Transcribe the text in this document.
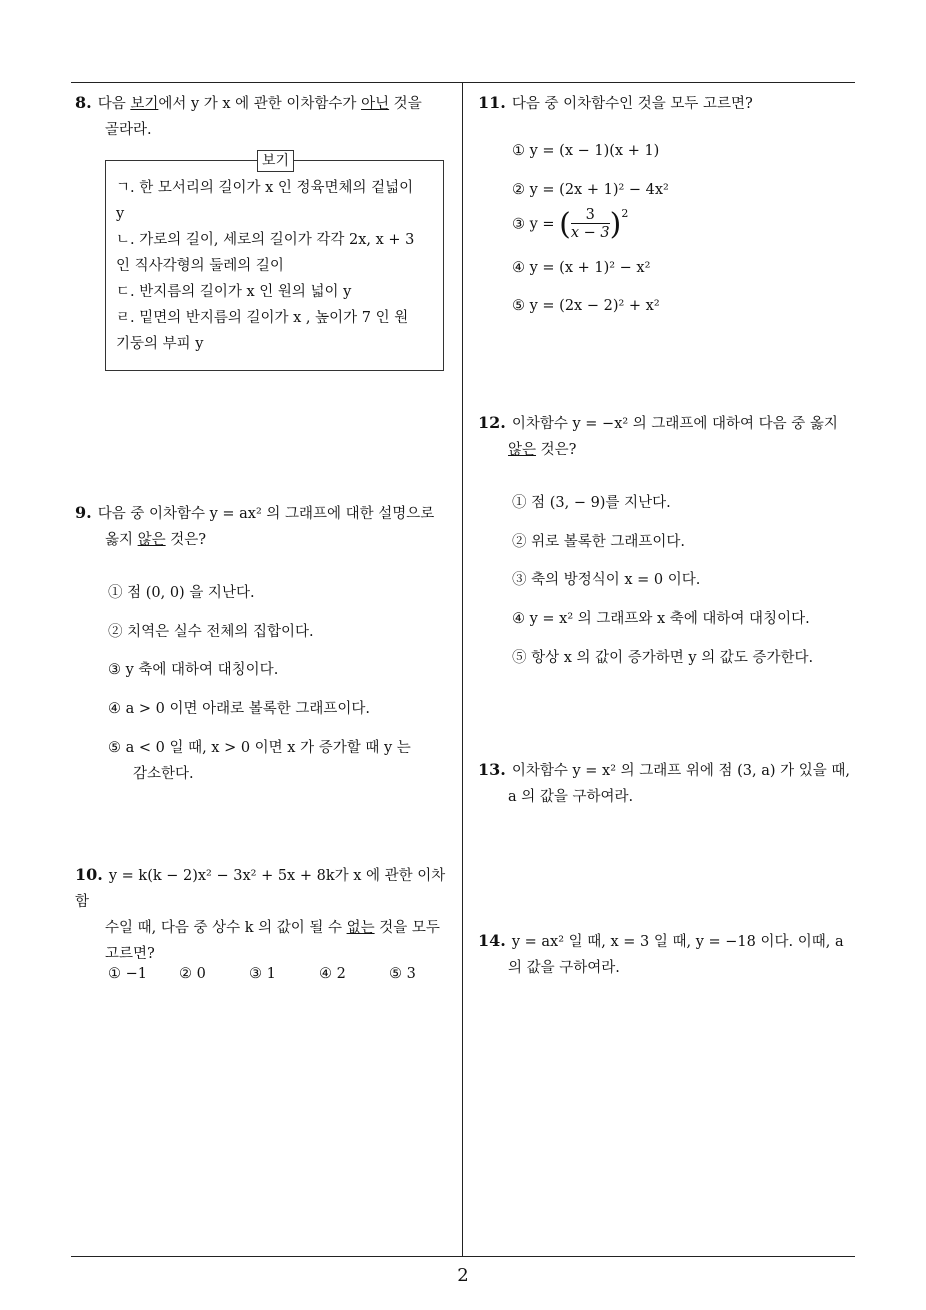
8. 다음 보기에서 y 가 x 에 관한 이차함수가 아닌 것을
골라라.
보기
ㄱ. 한 모서리의 길이가 x 인 정육면체의 겉넓이
y
ㄴ. 가로의 길이, 세로의 길이가 각각 2x, x + 3
인 직사각형의 둘레의 길이
ㄷ. 반지름의 길이가 x 인 원의 넓이 y
ㄹ. 밑면의 반지름의 길이가 x , 높이가 7 인 원
기둥의 부피 y
9. 다음 중 이차함수 y = ax² 의 그래프에 대한 설명으로
옳지 않은 것은?
① 점 (0, 0) 을 지난다.
② 치역은 실수 전체의 집합이다.
③ y 축에 대하여 대칭이다.
④ a > 0 이면 아래로 볼록한 그래프이다.
⑤ a < 0 일 때, x > 0 이면 x 가 증가할 때 y 는
감소한다.
10. y = k(k − 2)x² − 3x² + 5x + 8k가 x 에 관한 이차함
수일 때, 다음 중 상수 k 의 값이 될 수 없는 것을 모두
고르면?
① −1 ② 0	③ 1	④ 2	⑤ 3
11. 다음 중 이차함수인 것을 모두 고르면?
① y = (x − 1)(x + 1)
② y = (2x + 1)² − 4x²
③ y = ( $\frac{3}{x - 3} )^2$
④ y = (x + 1)² − x²
⑤ y = (2x − 2)² + x²
12. 이차함수 y = −x² 의 그래프에 대하여 다음 중 옳지
않은 것은?
① 점 (3, − 9)를 지난다.
② 위로 볼록한 그래프이다.
③ 축의 방정식이 x = 0 이다.
④ y = x² 의 그래프와 x 축에 대하여 대칭이다.
⑤ 항상 x 의 값이 증가하면 y 의 값도 증가한다.
13. 이차함수 y = x² 의 그래프 위에 점 (3, a) 가 있을 때,
a 의 값을 구하여라.
14. y = ax² 일 때, x = 3 일 때, y = −18 이다. 이때, a
의 값을 구하여라.
2
